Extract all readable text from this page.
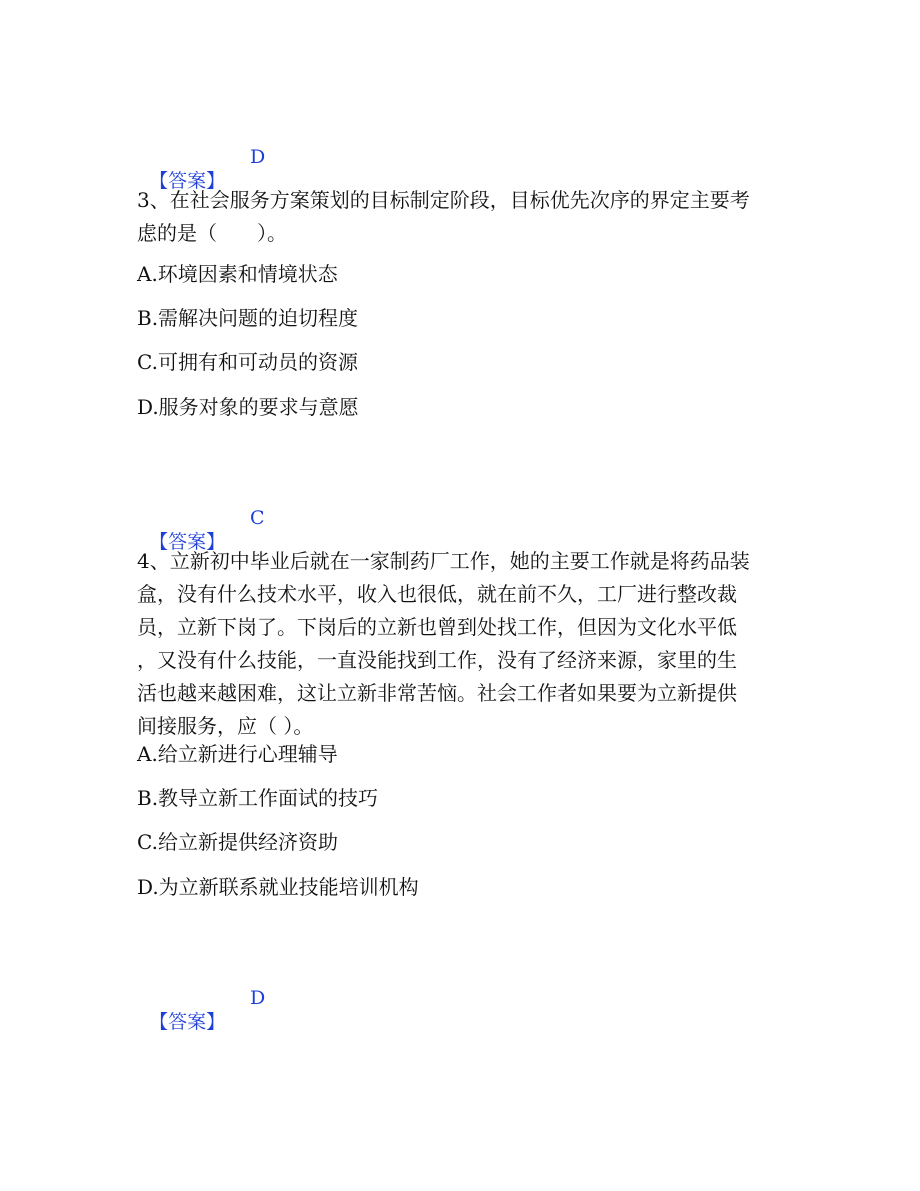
【答案】

D

3、在社会服务方案策划的目标制定阶段，目标优先次序的界定主要考
虑的是（　　）。
A.环境因素和情境状态
B.需解决问题的迫切程度
C.可拥有和可动员的资源
D.服务对象的要求与意愿

【答案】

C

4、立新初中毕业后就在一家制药厂工作，她的主要工作就是将药品装
盒，没有什么技术水平，收入也很低，就在前不久，工厂进行整改裁
员，立新下岗了。下岗后的立新也曾到处找工作，但因为文化水平低
，又没有什么技能，一直没能找到工作，没有了经济来源，家里的生
活也越来越困难，这让立新非常苦恼。社会工作者如果要为立新提供
间接服务，应（ ）。
A.给立新进行心理辅导
B.教导立新工作面试的技巧
C.给立新提供经济资助
D.为立新联系就业技能培训机构

【答案】

D
